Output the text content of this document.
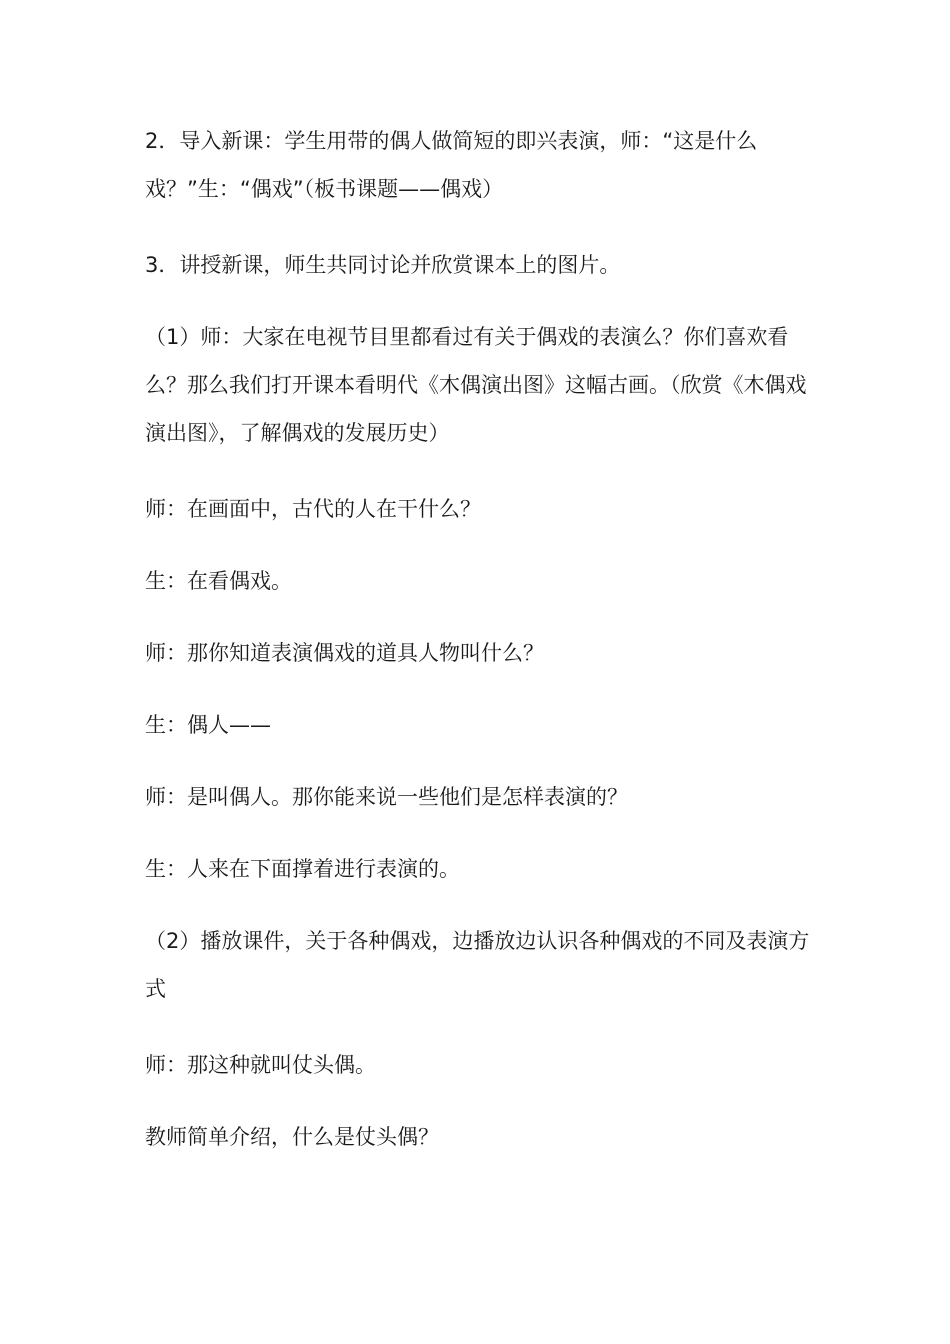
2．导入新课：学生用带的偶人做简短的即兴表演，师：“这是什么戏？”生：“偶戏”（板书课题——偶戏）

3．讲授新课，师生共同讨论并欣赏课本上的图片。

（1）师：大家在电视节目里都看过有关于偶戏的表演么？你们喜欢看么？那么我们打开课本看明代《木偶演出图》这幅古画。（欣赏《木偶戏演出图》，了解偶戏的发展历史）

师：在画面中，古代的人在干什么？

生：在看偶戏。

师：那你知道表演偶戏的道具人物叫什么？

生：偶人——

师：是叫偶人。那你能来说一些他们是怎样表演的？

生：人来在下面撑着进行表演的。

（2）播放课件，关于各种偶戏，边播放边认识各种偶戏的不同及表演方式

师：那这种就叫仗头偶。

教师简单介绍，什么是仗头偶？
